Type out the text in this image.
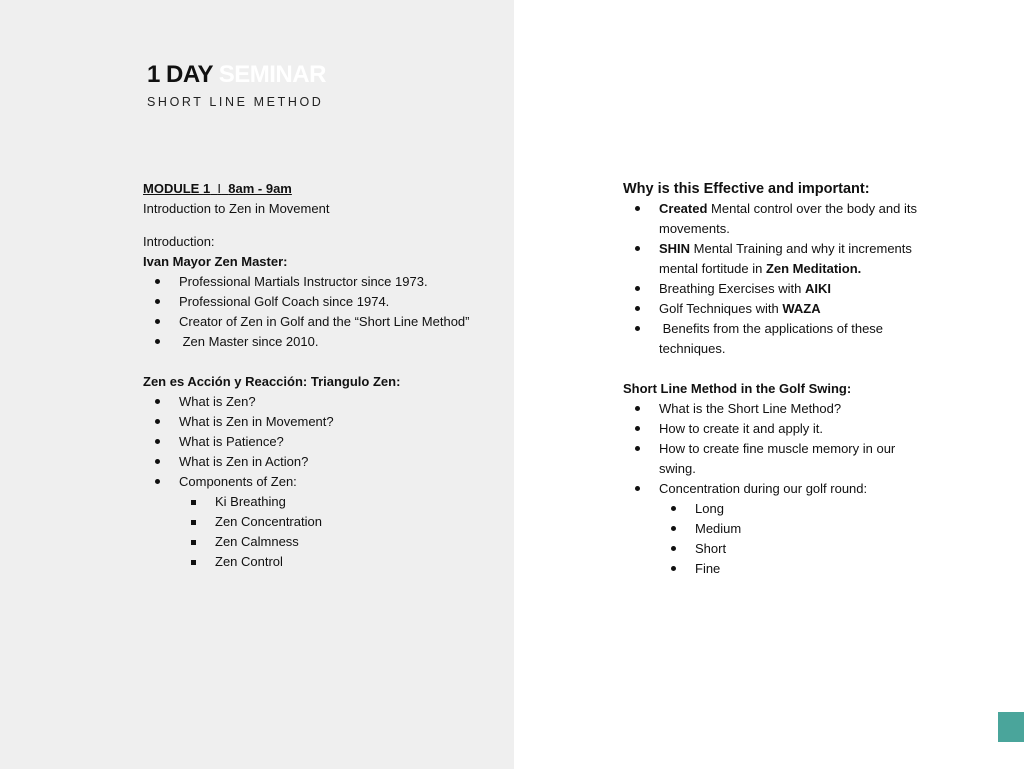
1 DAY SEMINAR
SHORT LINE METHOD
MODULE 1 I 8am - 9am
Introduction to Zen in Movement
Introduction:
Ivan Mayor Zen Master:
Professional Martials Instructor since 1973.
Professional Golf Coach since 1974.
Creator of Zen in Golf and the “Short Line Method”
Zen Master since 2010.
Zen es Acción y Reacción: Triangulo Zen:
What is Zen?
What is Zen in Movement?
What is Patience?
What is Zen in Action?
Components of Zen:
Ki Breathing
Zen Concentration
Zen Calmness
Zen Control
Why is this Effective and important:
Created Mental control over the body and its movements.
SHIN Mental Training and why it increments mental fortitude in Zen Meditation.
Breathing Exercises with AIKI
Golf Techniques with WAZA
Benefits from the applications of these techniques.
Short Line Method in the Golf Swing:
What is the Short Line Method?
How to create it and apply it.
How to create fine muscle memory in our swing.
Concentration during our golf round:
Long
Medium
Short
Fine
